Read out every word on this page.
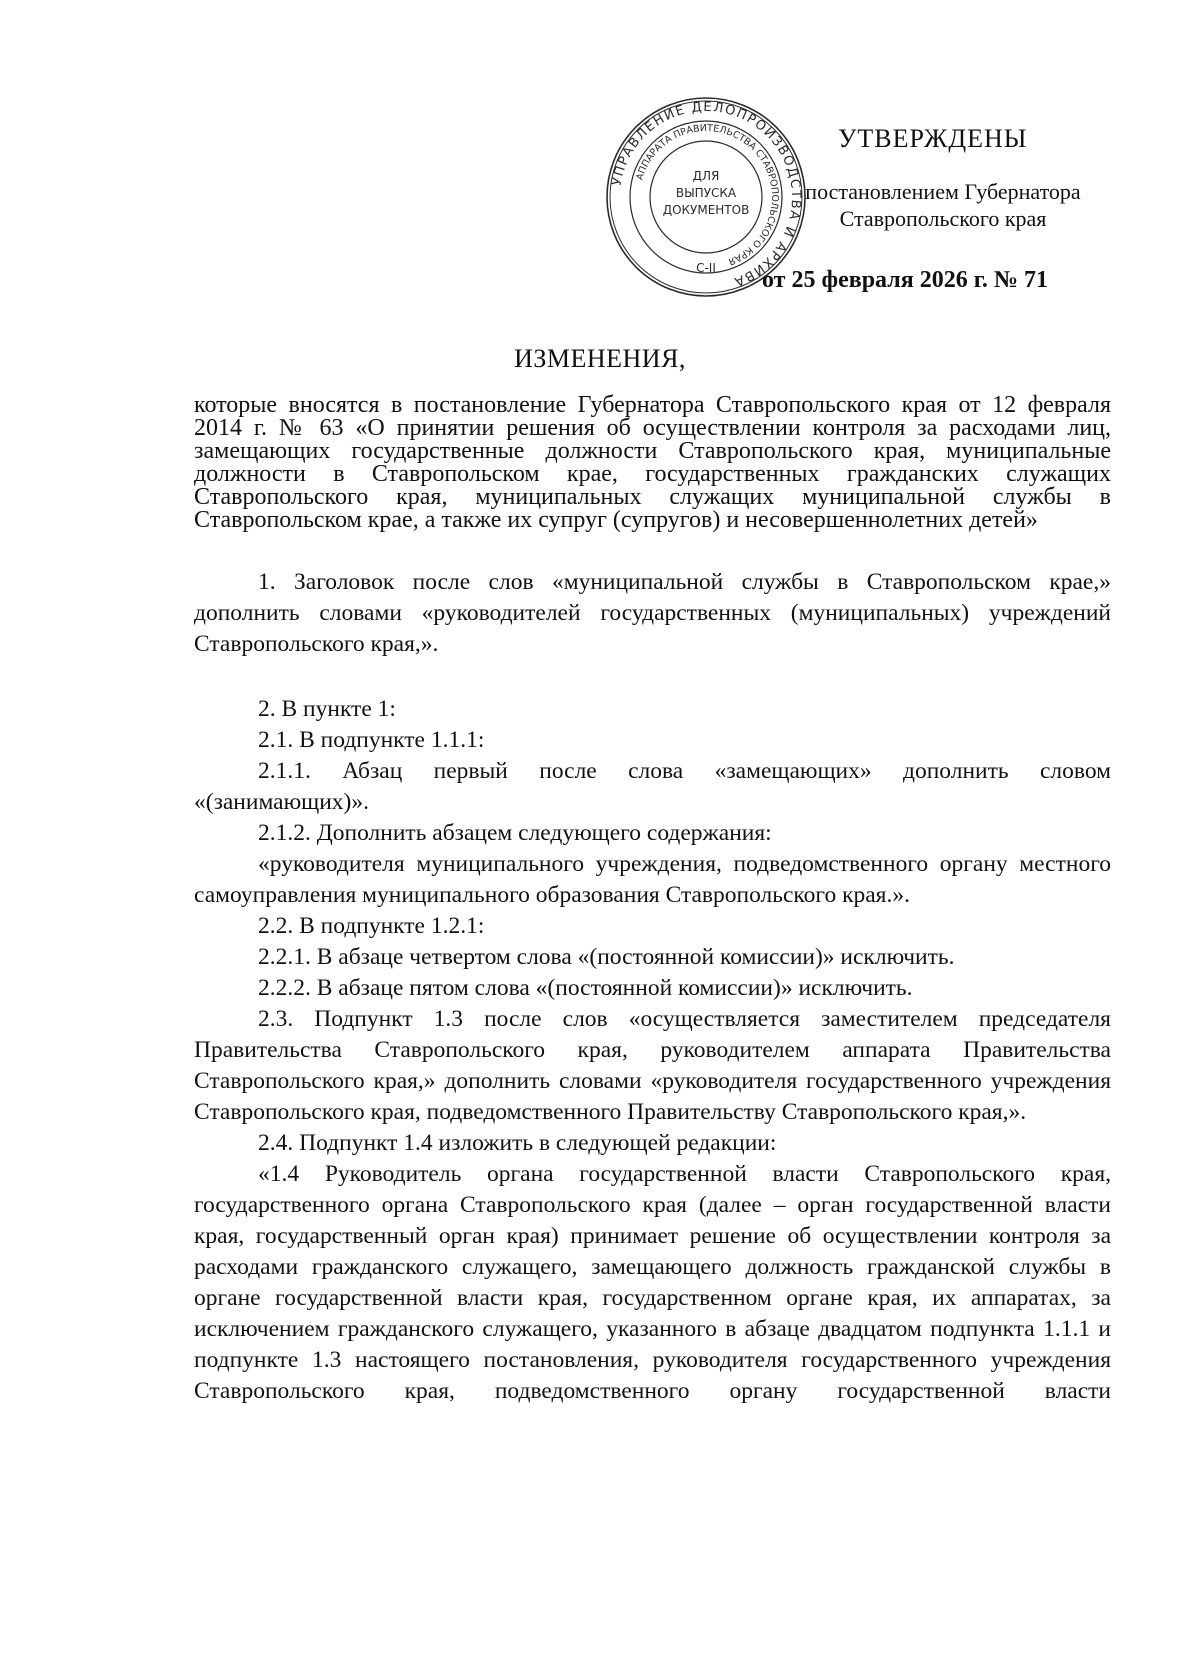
УПРАВЛЕНИЕ ДЕЛОПРОИЗВОДСТВА И АРХИВА
АППАРАТА ПРАВИТЕЛЬСТВА СТАВРОПОЛЬСКОГО КРАЯ
ДЛЯ
ВЫПУСКА
ДОКУМЕНТОВ
С-II
УТВЕРЖДЕНЫ
постановлением Губернатора
Ставропольского края
от 25 февраля 2026 г. № 71
ИЗМЕНЕНИЯ,

которые вносятся в постановление Губернатора Ставропольского края от 12 февраля 2014 г. № 63 «О принятии решения об осуществлении контроля за расходами лиц, замещающих государственные должности Ставропольского края, муниципальные должности в Ставропольском крае, государственных гражданских служащих Ставропольского края, муниципальных служащих муниципальной службы в Ставропольском крае, а также их супруг (супругов) и несовершеннолетних детей»

1. Заголовок после слов «муниципальной службы в Ставропольском крае,» дополнить словами «руководителей государственных (муниципальных) учреждений Ставропольского края,».

2. В пункте 1:

2.1. В подпункте 1.1.1:

2.1.1. Абзац первый после слова «замещающих» дополнить словом «(занимающих)».

2.1.2. Дополнить абзацем следующего содержания:

«руководителя муниципального учреждения, подведомственного органу местного самоуправления муниципального образования Ставропольского края.».

2.2. В подпункте 1.2.1:

2.2.1. В абзаце четвертом слова «(постоянной комиссии)» исключить.

2.2.2. В абзаце пятом слова «(постоянной комиссии)» исключить.

2.3. Подпункт 1.3 после слов «осуществляется заместителем председателя Правительства Ставропольского края, руководителем аппарата Правительства Ставропольского края,» дополнить словами «руководителя государственного учреждения Ставропольского края, подведомственного Правительству Ставропольского края,».

2.4. Подпункт 1.4 изложить в следующей редакции:

«1.4 Руководитель органа государственной власти Ставропольского края, государственного органа Ставропольского края (далее – орган государственной власти края, государственный орган края) принимает решение об осуществлении контроля за расходами гражданского служащего, замещающего должность гражданской службы в органе государственной власти края, государственном органе края, их аппаратах, за исключением гражданского служащего, указанного в абзаце двадцатом подпункта 1.1.1 и подпункте 1.3 настоящего постановления, руководителя государственного учреждения Ставропольского края, подведомственного органу государственной власти
